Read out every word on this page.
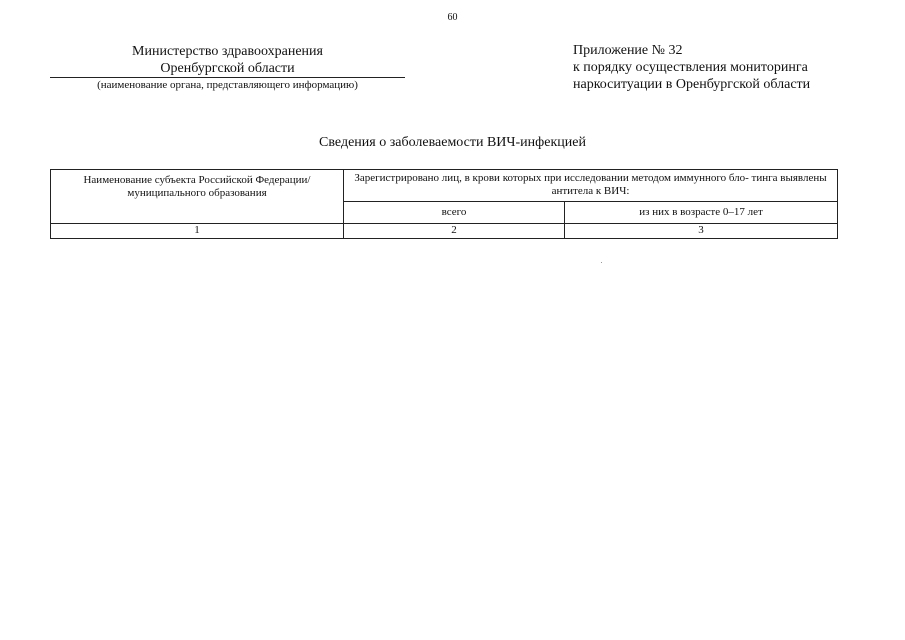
60
Министерство здравоохранения
Оренбургской области
(наименование органа, представляющего информацию)
Приложение № 32
к порядку осуществления мониторинга
наркоситуации в Оренбургской области
Сведения о заболеваемости ВИЧ-инфекцией
Наименование субъекта Российской Федерации/ муниципального образования	Зарегистрировано лиц, в крови которых при исследовании методом иммунного бло- тинга выявлены антитела к ВИЧ:	
	всего	из них в возрасте 0–17 лет
1	2	3
